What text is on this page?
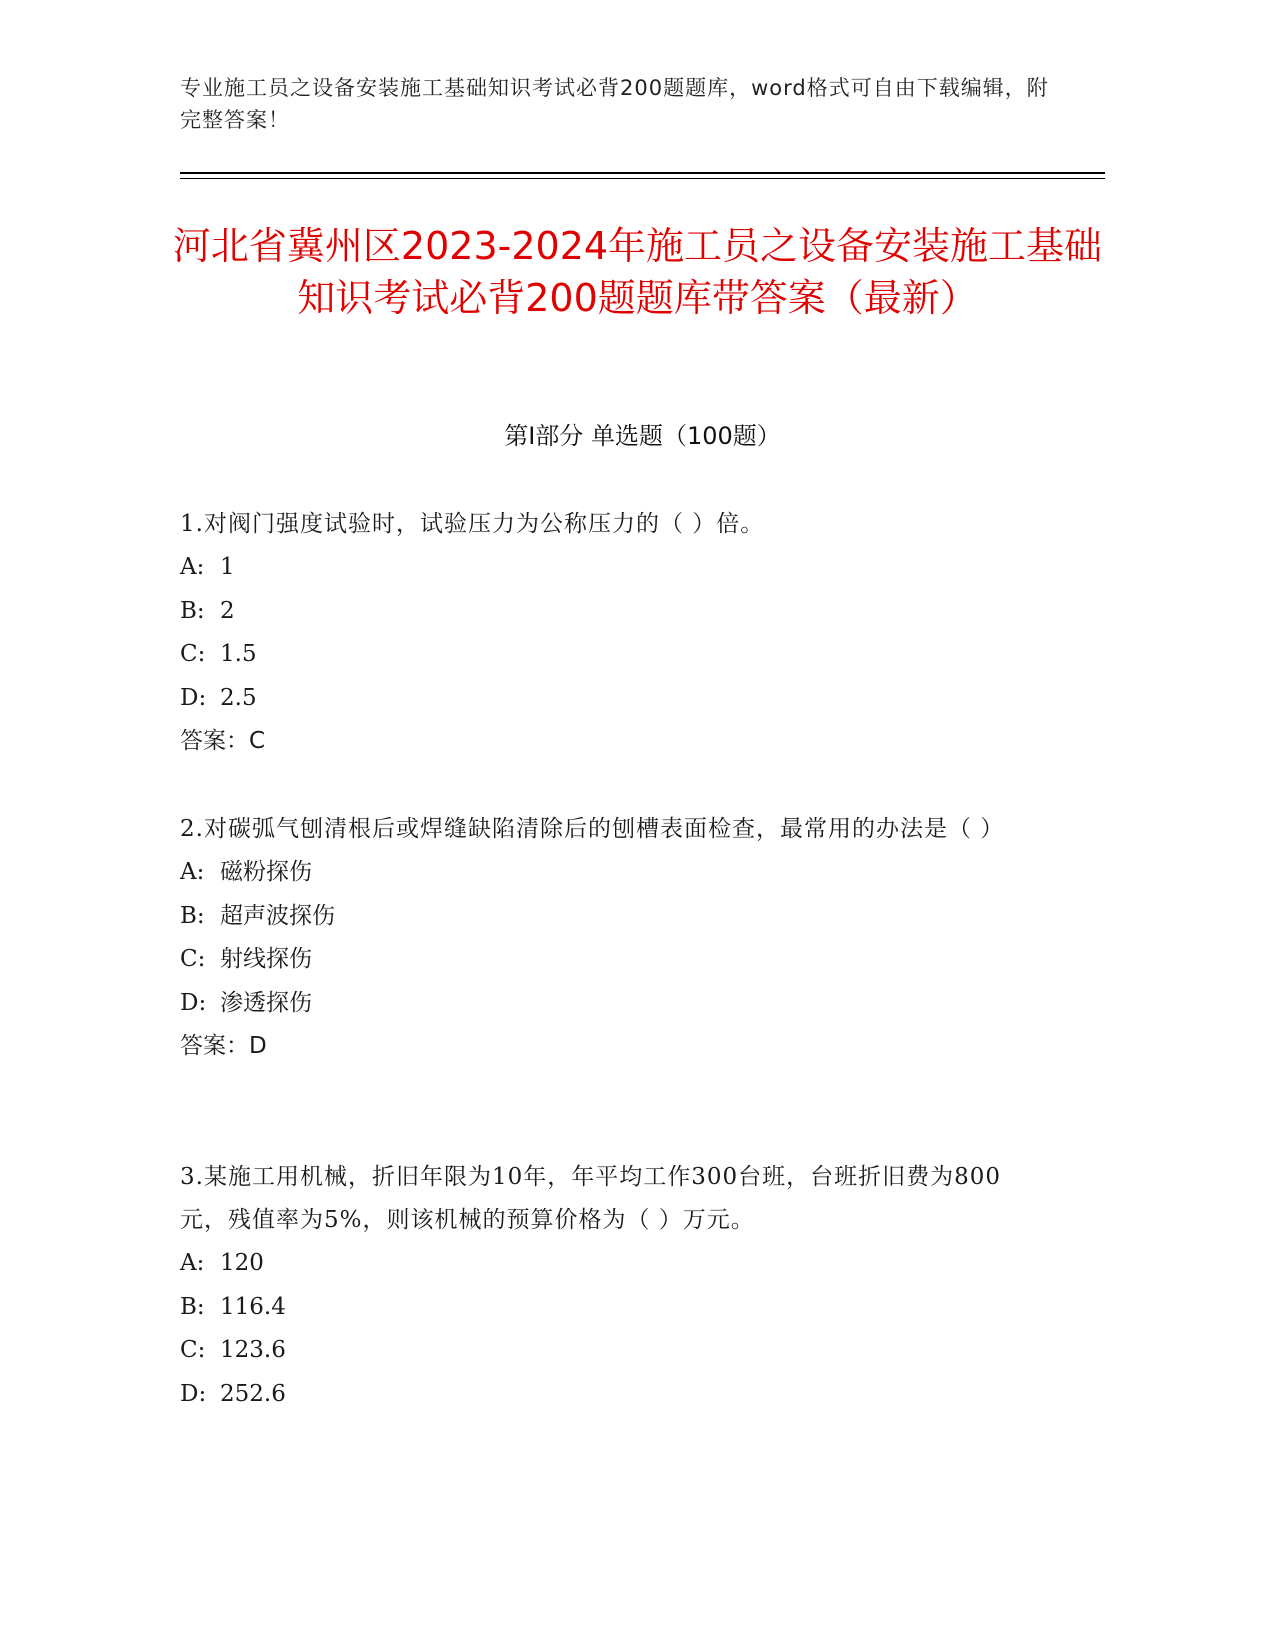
专业施工员之设备安装施工基础知识考试必背200题题库，word格式可自由下载编辑，附完整答案！
河北省冀州区2023-2024年施工员之设备安装施工基础知识考试必背200题题库带答案（最新）
第Ⅰ部分 单选题（100题）

1.对阀门强度试验时，试验压力为公称压力的（ ）倍。

A: 1

B: 2

C: 1.5

D: 2.5

答案：C

2.对碳弧气刨清根后或焊缝缺陷清除后的刨槽表面检查，最常用的办法是（ ）

A: 磁粉探伤

B: 超声波探伤

C: 射线探伤

D: 渗透探伤

答案：D

3.某施工用机械，折旧年限为10年，年平均工作300台班，台班折旧费为800元，残值率为5%，则该机械的预算价格为（ ）万元。

A: 120

B: 116.4

C: 123.6

D: 252.6
